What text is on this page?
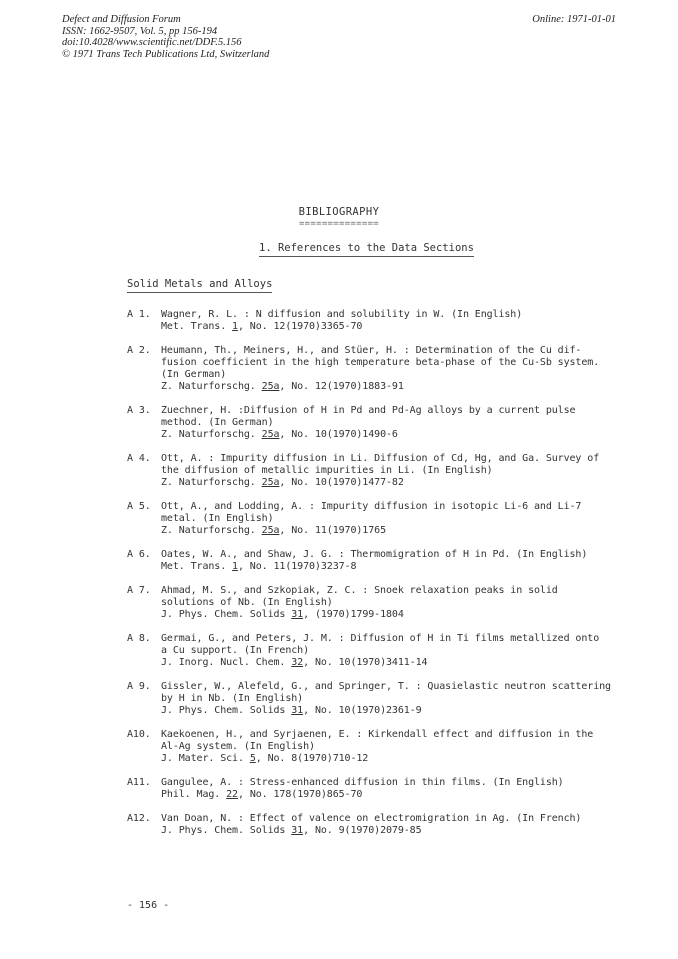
Defect and Diffusion Forum
ISSN: 1662-9507, Vol. 5, pp 156-194
doi:10.4028/www.scientific.net/DDF.5.156
© 1971 Trans Tech Publications Ltd, Switzerland
Online: 1971-01-01
BIBLIOGRAPHY
==============
1. References to the Data Sections
Solid Metals and Alloys
A 1. Wagner, R. L. : N diffusion and solubility in W. (In English)
Met. Trans. 1, No. 12(1970)3365-70
A 2. Heumann, Th., Meiners, H., and Stüer, H. : Determination of the Cu dif-
fusion coefficient in the high temperature beta-phase of the Cu-Sb system.
(In German)
Z. Naturforschg. 25a, No. 12(1970)1883-91
A 3. Zuechner, H. :Diffusion of H in Pd and Pd-Ag alloys by a current pulse
method. (In German)
Z. Naturforschg. 25a, No. 10(1970)1490-6
A 4. Ott, A. : Impurity diffusion in Li. Diffusion of Cd, Hg, and Ga. Survey of
the diffusion of metallic impurities in Li. (In English)
Z. Naturforschg. 25a, No. 10(1970)1477-82
A 5. Ott, A., and Lodding, A. : Impurity diffusion in isotopic Li-6 and Li-7
metal. (In English)
Z. Naturforschg. 25a, No. 11(1970)1765
A 6. Oates, W. A., and Shaw, J. G. : Thermomigration of H in Pd. (In English)
Met. Trans. 1, No. 11(1970)3237-8
A 7. Ahmad, M. S., and Szkopiak, Z. C. : Snoek relaxation peaks in solid
solutions of Nb. (In English)
J. Phys. Chem. Solids 31, (1970)1799-1804
A 8. Germai, G., and Peters, J. M. : Diffusion of H in Ti films metallized onto
a Cu support. (In French)
J. Inorg. Nucl. Chem. 32, No. 10(1970)3411-14
A 9. Gissler, W., Alefeld, G., and Springer, T. : Quasielastic neutron scattering
by H in Nb. (In English)
J. Phys. Chem. Solids 31, No. 10(1970)2361-9
A10. Kaekoenen, H., and Syrjaenen, E. : Kirkendall effect and diffusion in the
Al-Ag system. (In English)
J. Mater. Sci. 5, No. 8(1970)710-12
A11. Gangulee, A. : Stress-enhanced diffusion in thin films. (In English)
Phil. Mag. 22, No. 178(1970)865-70
A12. Van Doan, N. : Effect of valence on electromigration in Ag. (In French)
J. Phys. Chem. Solids 31, No. 9(1970)2079-85
- 156 -
